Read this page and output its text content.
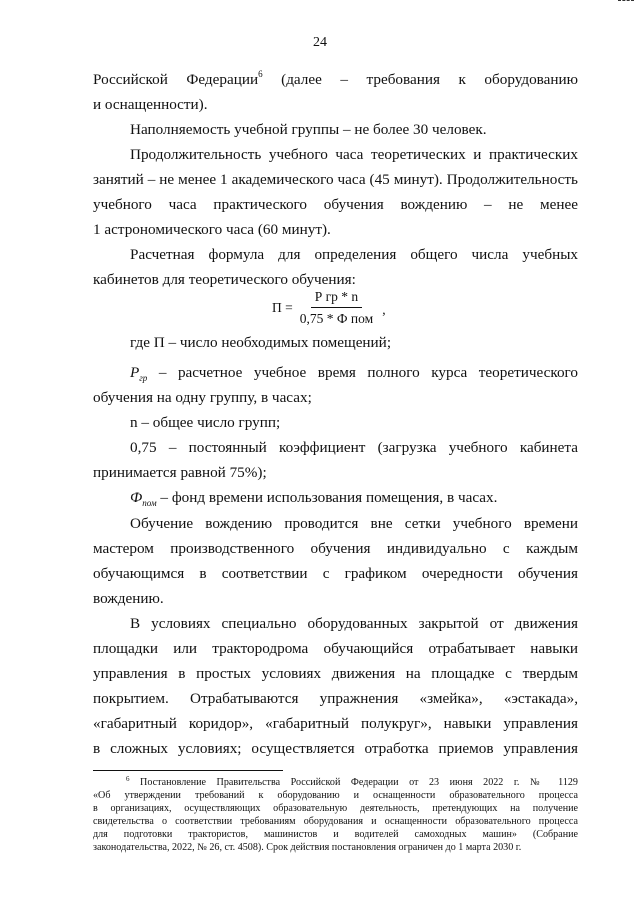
24

Российской Федерации$^6$ (далее – требования к оборудованию

и оснащенности).

Наполняемость учебной группы – не более 30 человек.

Продолжительность учебного часа теоретических и практических

занятий – не менее 1 академического часа (45 минут). Продолжительность

учебного часа практического обучения вождению – не менее

1 астрономического часа (60 минут).

Расчетная формула для определения общего числа учебных

кабинетов для теоретического обучения:

$П = \frac{\text{Р гр * n}}{\text{0,75 * Ф пом}}$ ,

где П – число необходимых помещений;

$P_{гр}$ – расчетное учебное время полного курса теоретического

обучения на одну группу, в часах;

n – общее число групп;

0,75 – постоянный коэффициент (загрузка учебного кабинета

принимается равной 75%);

$Ф_{пом}$ – фонд времени использования помещения, в часах.

Обучение вождению проводится вне сетки учебного времени

мастером производственного обучения индивидуально с каждым

обучающимся в соответствии с графиком очередности обучения

вождению.

В условиях специально оборудованных закрытой от движения

площадки или трактородрома обучающийся отрабатывает навыки

управления в простых условиях движения на площадке с твердым

покрытием. Отрабатываются упражнения «змейка», «эстакада»,

«габаритный коридор», «габаритный полукруг», навыки управления

в сложных условиях; осуществляется отработка приемов управления

$^6$ Постановление Правительства Российской Федерации от 23 июня 2022 г. № 1129
«Об утверждении требований к оборудованию и оснащенности образовательного процесса
в организациях, осуществляющих образовательную деятельность, претендующих на получение
свидетельства о соответствии требованиям оборудования и оснащенности образовательного процесса
для подготовки трактористов, машинистов и водителей самоходных машин» (Собрание
законодательства, 2022, № 26, ст. 4508). Срок действия постановления ограничен до 1 марта 2030 г.
